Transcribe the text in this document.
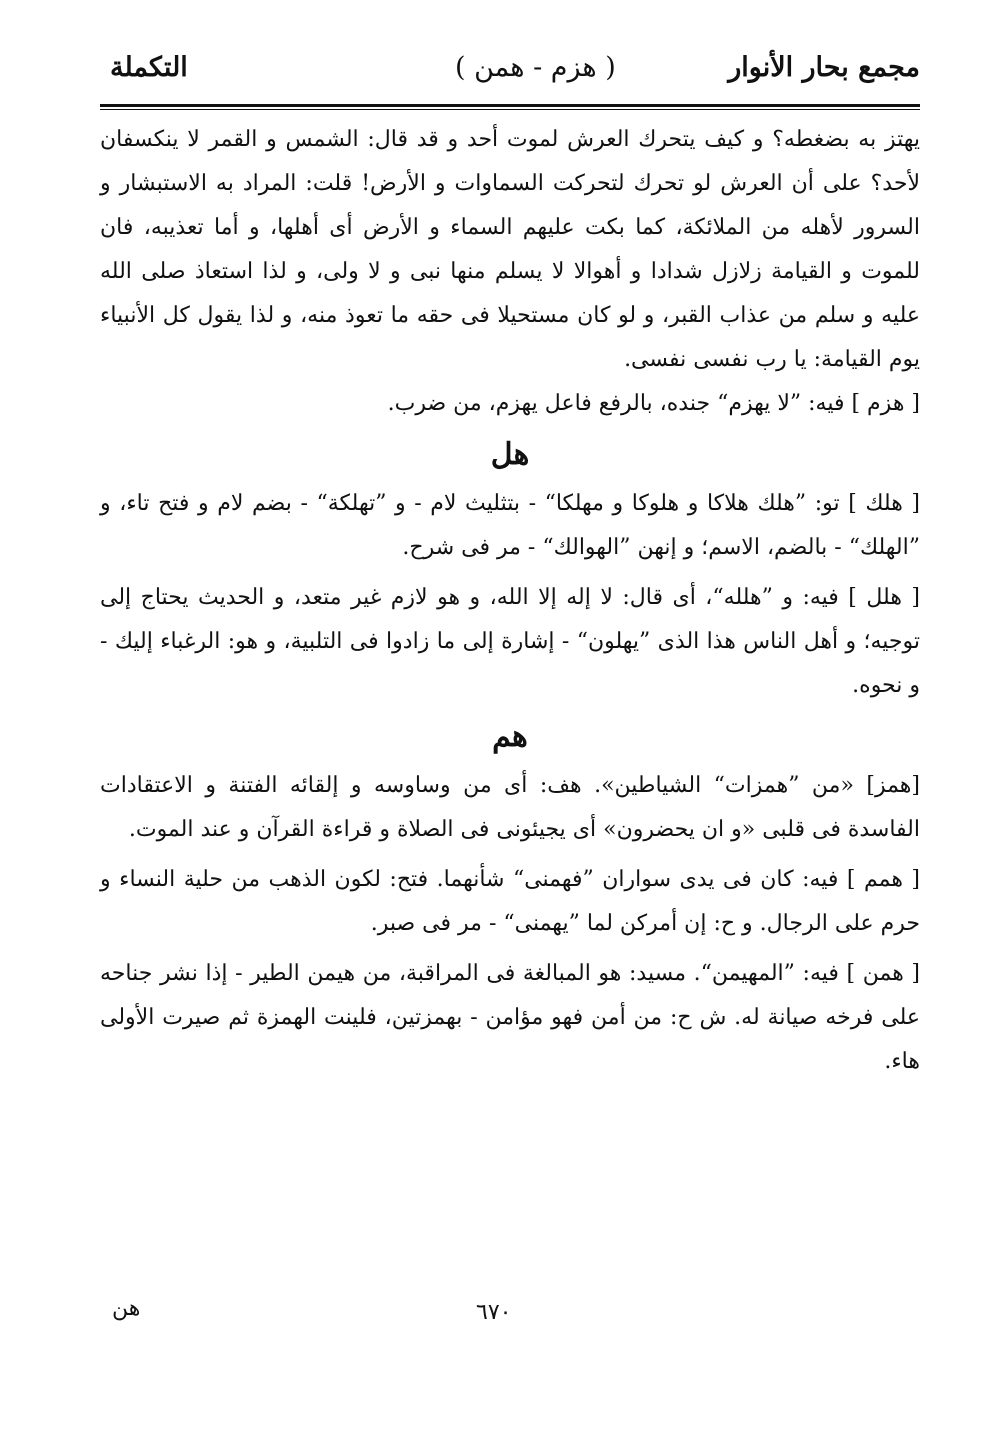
مجمع بحار الأنوار
( هزم - همن )
التكملة

يهتز به بضغطه؟ و كيف يتحرك العرش لموت أحد و قد قال: الشمس و القمر لا ينكسفان لأحد؟ على أن العرش لو تحرك لتحركت السماوات و الأرض! قلت: المراد به الاستبشار و السرور لأهله من الملائكة، كما بكت عليهم السماء و الأرض أى أهلها، و أما تعذيبه، فان للموت و القيامة زلازل شدادا و أهوالا لا يسلم منها نبى و لا ولى، و لذا استعاذ صلى الله عليه و سلم من عذاب القبر، و لو كان مستحيلا فى حقه ما تعوذ منه، و لذا يقول كل الأنبياء يوم القيامة: يا رب نفسى نفسى.

[ هزم ] فيه: ”لا يهزم“ جنده، بالرفع فاعل يهزم، من ضرب.

هل

[ هلك ] تو: ”هلك هلاكا و هلوكا و مهلكا“ - بتثليث لام - و ”تهلكة“ - بضم لام و فتح تاء، و ”الهلك“ - بالضم، الاسم؛ و إنهن ”الهوالك“ - مر فى شرح.

[ هلل ] فيه: و ”هلله“، أى قال: لا إله إلا الله، و هو لازم غير متعد، و الحديث يحتاج إلى توجيه؛ و أهل الناس هذا الذى ”يهلون“ - إشارة إلى ما زادوا فى التلبية، و هو: الرغباء إليك - و نحوه.

هم

[همز] «من ”همزات“ الشياطين». هف: أى من وساوسه و إلقائه الفتنة و الاعتقادات الفاسدة فى قلبى «و ان يحضرون» أى يجيئونى فى الصلاة و قراءة القرآن و عند الموت.

[ همم ] فيه: كان فى يدى سواران ”فهمنى“ شأنهما. فتح: لكون الذهب من حلية النساء و حرم على الرجال. و ح: إن أمركن لما ”يهمنى“ - مر فى صبر.

[ همن ] فيه: ”المهيمن“. مسيد: هو المبالغة فى المراقبة، من هيمن الطير - إذا نشر جناحه على فرخه صيانة له. ش ح: من أمن فهو مؤامن - بهمزتين، فلينت الهمزة ثم صيرت الأولى هاء.

هن	٦٧٠
